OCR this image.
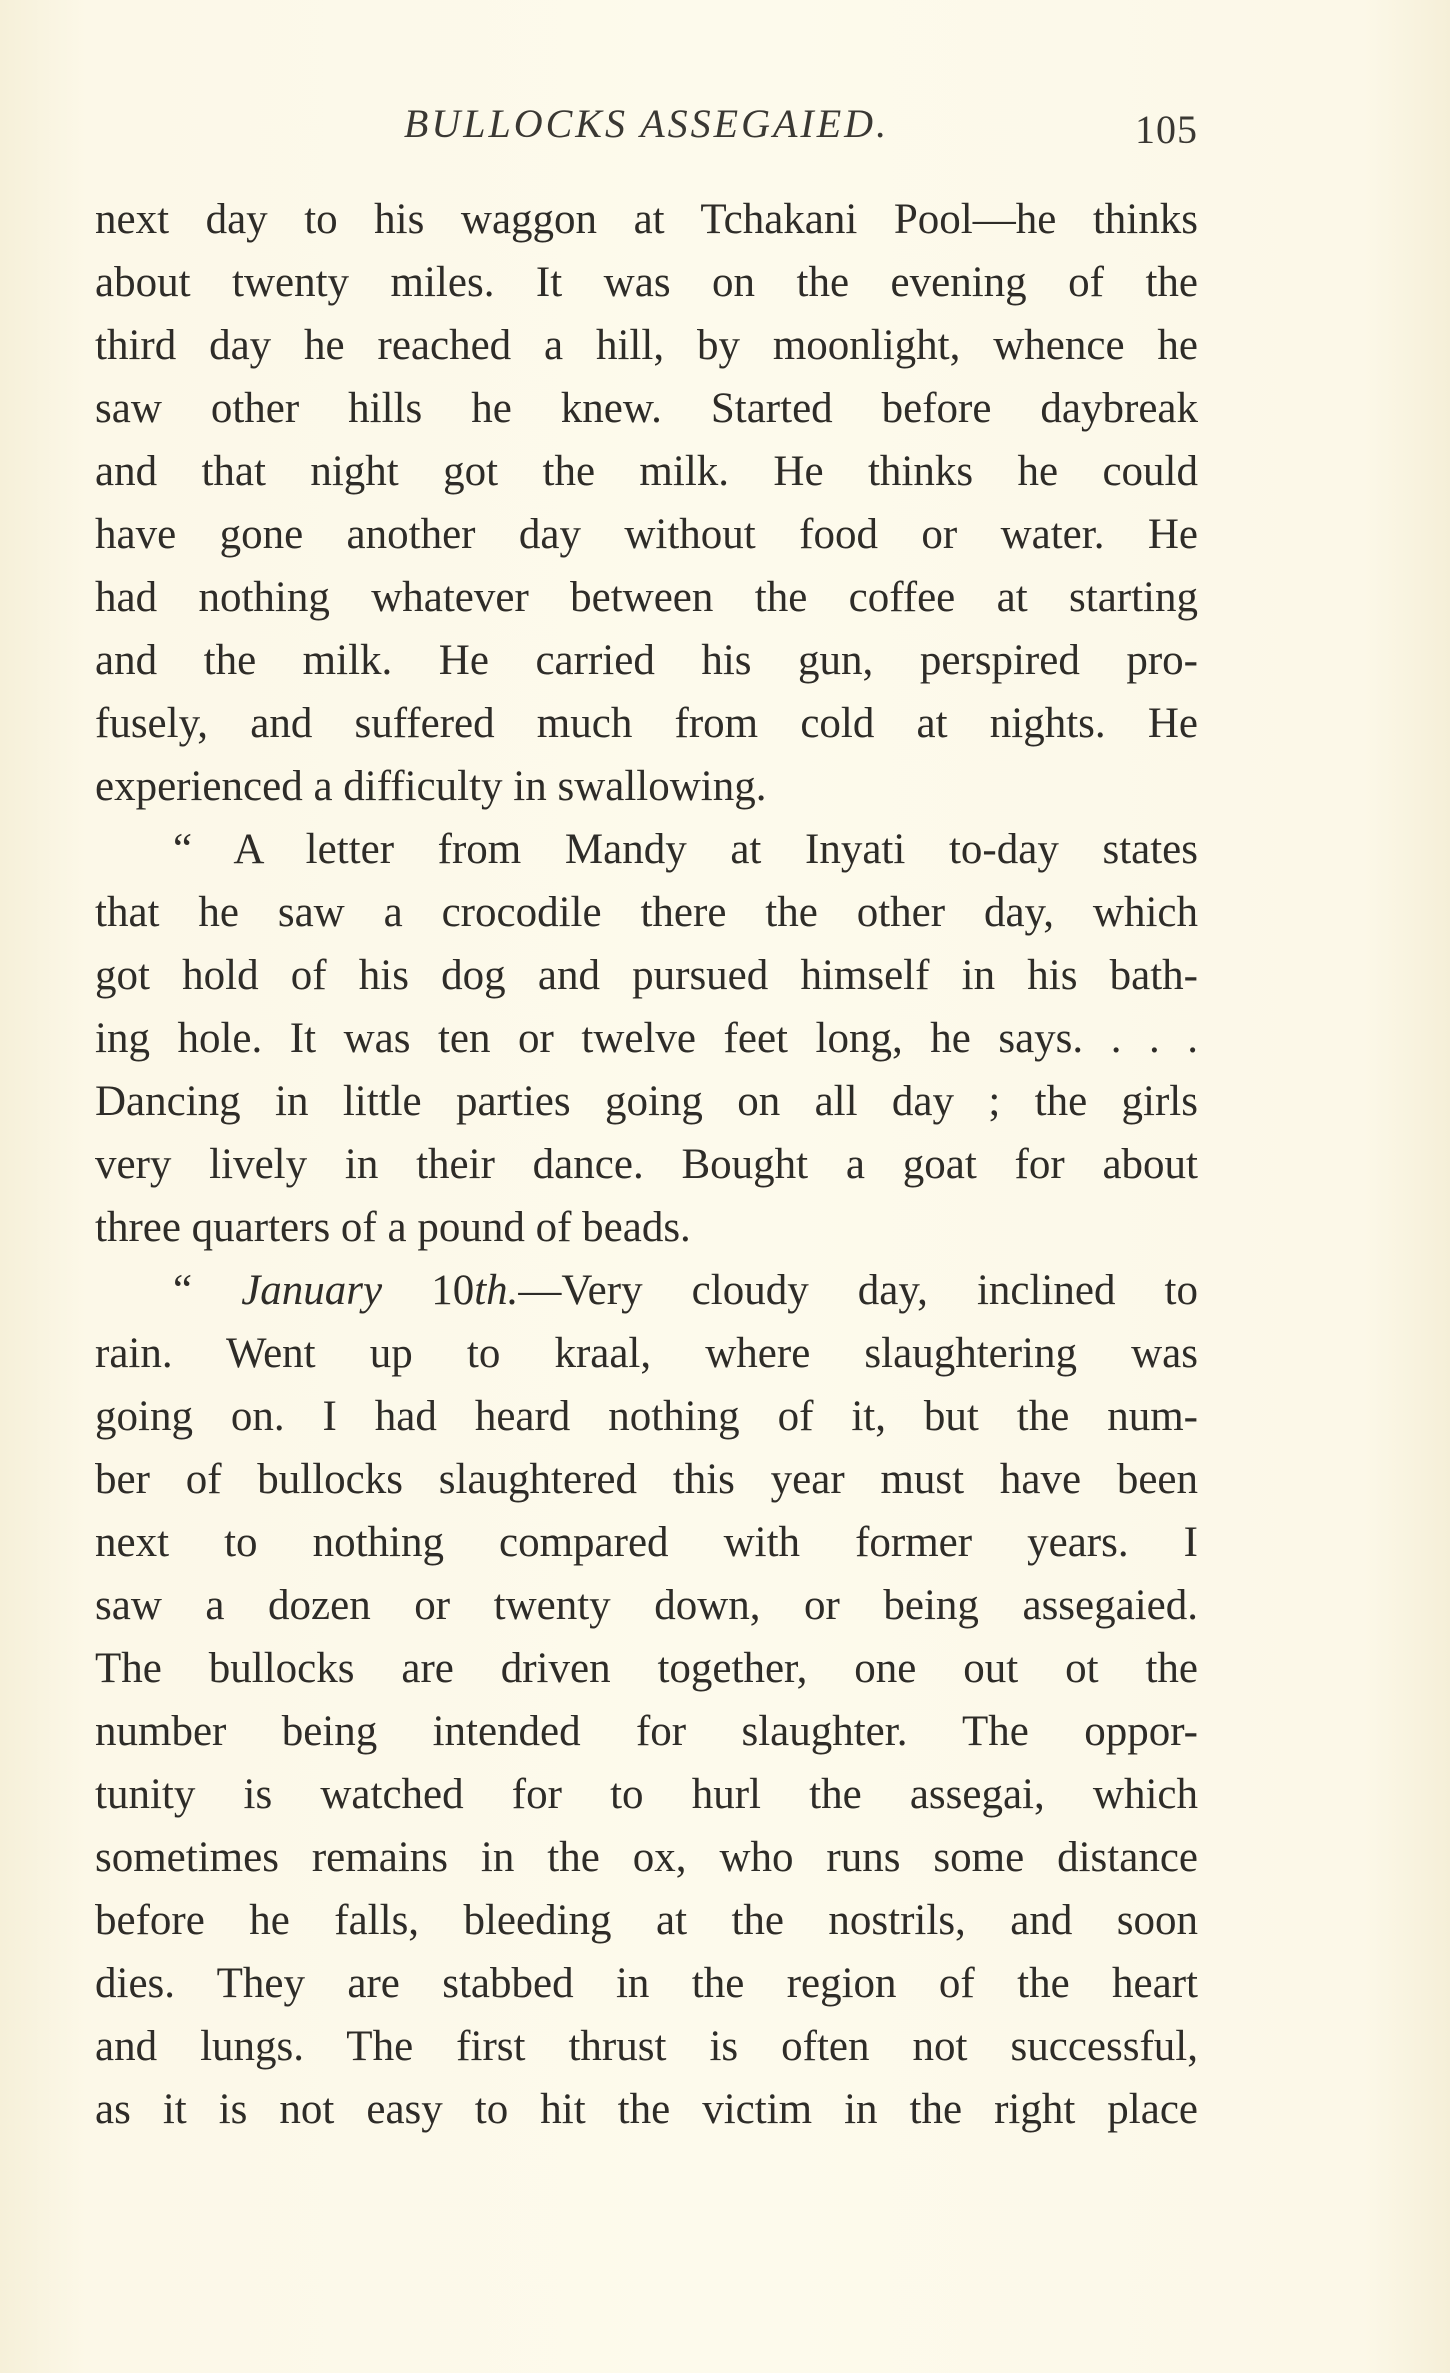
BULLOCKS ASSEGAIED.	105
next day to his waggon at Tchakani Pool—he thinks
about twenty miles. It was on the evening of the
third day he reached a hill, by moonlight, whence he
saw other hills he knew. Started before daybreak
and that night got the milk. He thinks he could
have gone another day without food or water. He
had nothing whatever between the coffee at starting
and the milk. He carried his gun, perspired pro-
fusely, and suffered much from cold at nights. He
experienced a difficulty in swallowing.
“ A letter from Mandy at Inyati to-day states
that he saw a crocodile there the other day, which
got hold of his dog and pursued himself in his bath-
ing hole. It was ten or twelve feet long, he says. . . .
Dancing in little parties going on all day ; the girls
very lively in their dance. Bought a goat for about
three quarters of a pound of beads.
“ January 10th.—Very cloudy day, inclined to
rain. Went up to kraal, where slaughtering was
going on. I had heard nothing of it, but the num-
ber of bullocks slaughtered this year must have been
next to nothing compared with former years. I
saw a dozen or twenty down, or being assegaied.
The bullocks are driven together, one out ot the
number being intended for slaughter. The oppor-
tunity is watched for to hurl the assegai, which
sometimes remains in the ox, who runs some distance
before he falls, bleeding at the nostrils, and soon
dies. They are stabbed in the region of the heart
and lungs. The first thrust is often not successful,
as it is not easy to hit the victim in the right place
